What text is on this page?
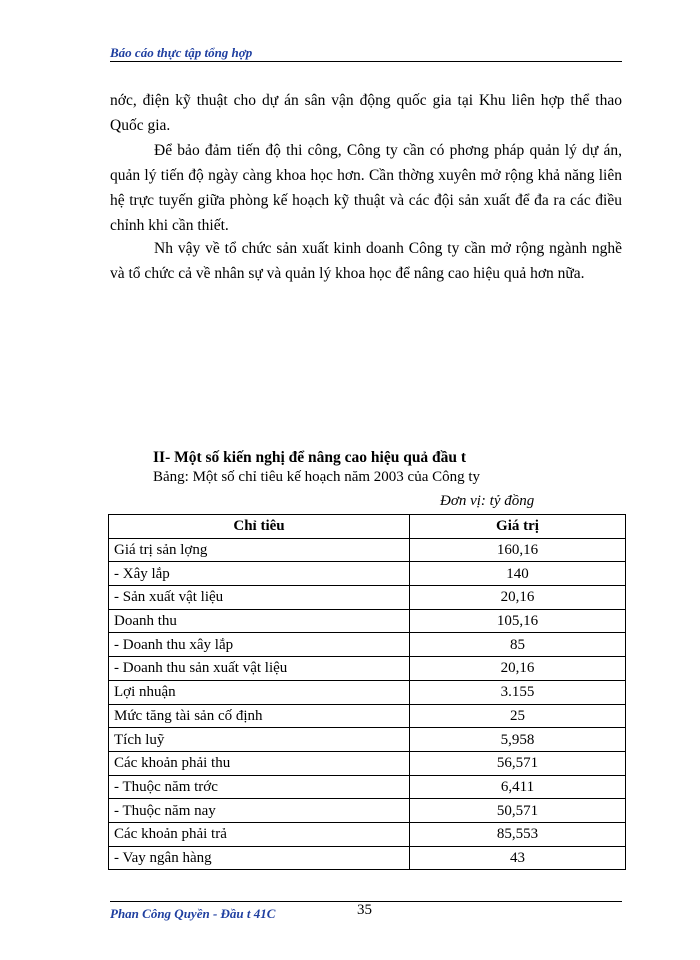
Báo cáo thực tập tổng hợp

nớc, điện kỹ thuật cho dự án sân vận động quốc gia tại Khu liên hợp thể thao Quốc gia.

Để bảo đảm tiến độ thi công, Công ty cần có phơng pháp quản lý dự án, quản lý tiến độ ngày càng khoa học hơn. Cần thờng xuyên mở rộng khả năng liên hệ trực tuyến giữa phòng kế hoạch kỹ thuật và các đội sản xuất để đa ra các điều chỉnh khi cần thiết.

Nh vậy về tổ chức sản xuất kinh doanh Công ty cần mở rộng ngành nghề và tổ chức cả về nhân sự và quản lý khoa học để nâng cao hiệu quả hơn nữa.

II- Một số kiến nghị để nâng cao hiệu quả đầu t
Bảng: Một số chỉ tiêu kế hoạch năm 2003 của Công ty
Đơn vị: tỷ đồng
Chỉ tiêu	Giá trị
Giá trị sản lợng	160,16
- Xây lắp	140
- Sản xuất vật liệu	20,16
Doanh thu	105,16
- Doanh thu xây lắp	85
- Doanh thu sản xuất vật liệu	20,16
Lợi nhuận	3.155
Mức tăng tài sản cố định	25
Tích luỹ	5,958
Các khoản phải thu	56,571
- Thuộc năm trớc	6,411
- Thuộc năm nay	50,571
Các khoản phải trả	85,553
- Vay ngân hàng	43
Phan Công Quyền - Đầu t 41C	35
